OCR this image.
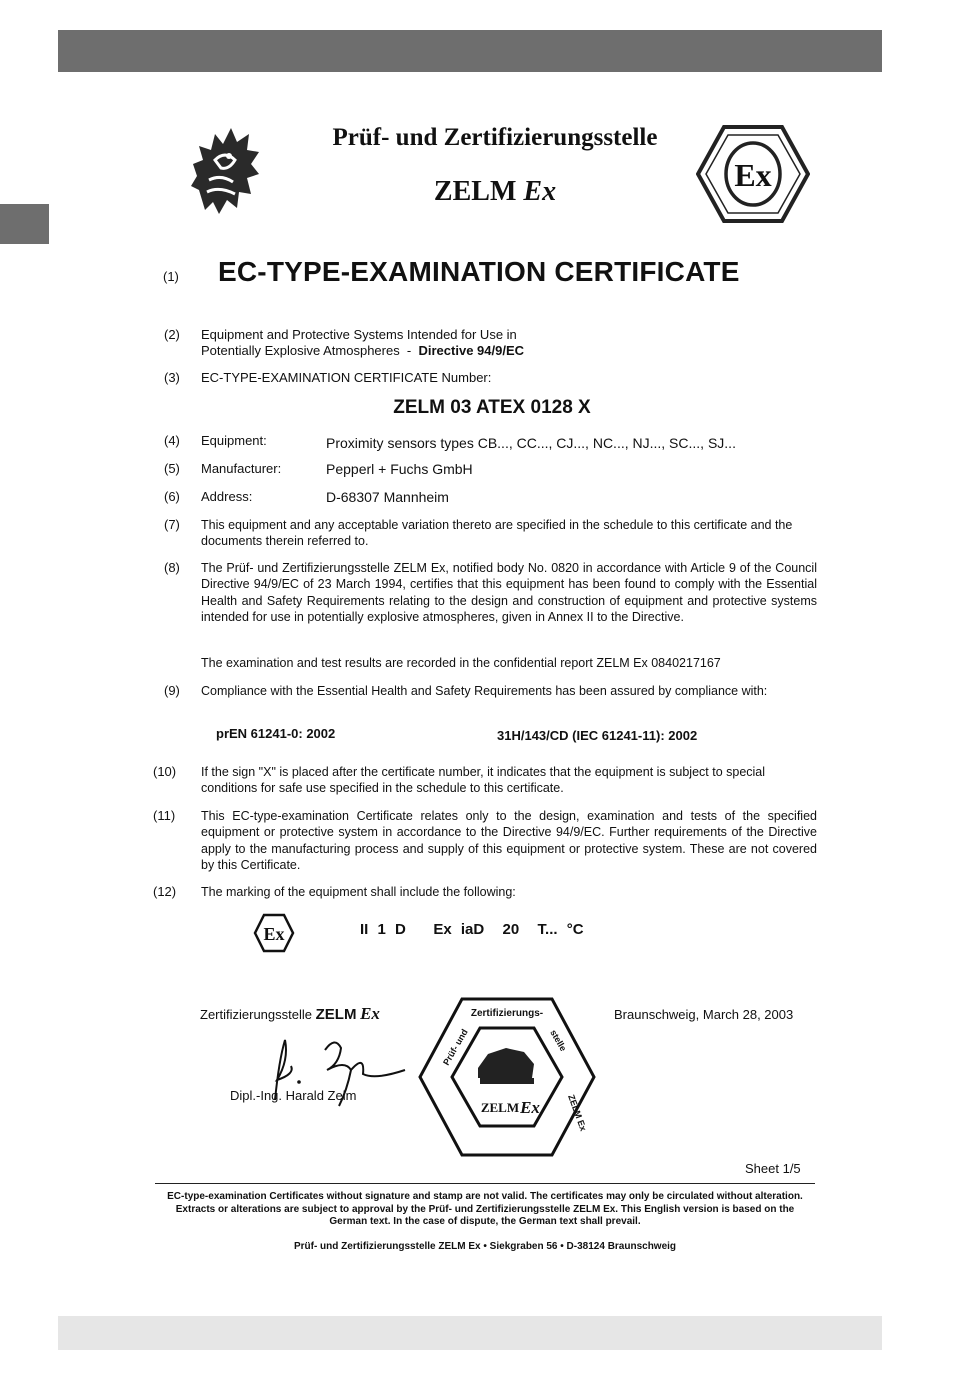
Prüf- und Zertifizierungsstelle
ZELM Ex	Ex
(1) EC-TYPE-EXAMINATION CERTIFICATE
(2) Equipment and Protective Systems Intended for Use in
Potentially Explosive Atmospheres  -  Directive 94/9/EC
(3) EC-TYPE-EXAMINATION CERTIFICATE Number:
ZELM 03 ATEX 0128 X
(4) Equipment:	Proximity sensors types CB..., CC..., CJ..., NC..., NJ..., SC..., SJ...
(5) Manufacturer:	Pepperl + Fuchs GmbH
(6) Address:	D-68307 Mannheim
(7) This equipment and any acceptable variation thereto are specified in the schedule to this certificate and the documents therein referred to.
(8) The Prüf- und Zertifizierungsstelle ZELM Ex, notified body No. 0820 in accordance with Article 9 of the Council Directive 94/9/EC of 23 March 1994, certifies that this equipment has been found to comply with the Essential Health and Safety Requirements relating to the design and construction of equipment and protective systems intended for use in potentially explosive atmospheres, given in Annex II to the Directive.
The examination and test results are recorded in the confidential report ZELM Ex 0840217167
(9) Compliance with the Essential Health and Safety Requirements has been assured by compliance with:
prEN 61241-0: 2002	31H/143/CD (IEC 61241-11): 2002
(10) If the sign "X" is placed after the certificate number, it indicates that the equipment is subject to special conditions for safe use specified in the schedule to this certificate.
(11) This EC-type-examination Certificate relates only to the design, examination and tests of the specified equipment or protective system in accordance to the Directive 94/9/EC. Further requirements of the Directive apply to the manufacturing process and supply of this equipment or protective system. These are not covered by this Certificate.
(12) The marking of the equipment shall include the following:
Ex	II 1 D   Ex iaD  20  T... °C
Zertifizierungsstelle ZELM Ex
Dipl.-Ing. Harald Zelm
Zertifizierungs-
Prüf- und	stelle
ZELM Ex
ZELM Ex
Braunschweig, March 28, 2003
Sheet 1/5
EC-type-examination Certificates without signature and stamp are not valid. The certificates may only be circulated without alteration. Extracts or alterations are subject to approval by the Prüf- und Zertifizierungsstelle ZELM Ex. This English version is based on the German text. In the case of dispute, the German text shall prevail.
Prüf- und Zertifizierungsstelle ZELM Ex • Siekgraben 56 • D-38124 Braunschweig
